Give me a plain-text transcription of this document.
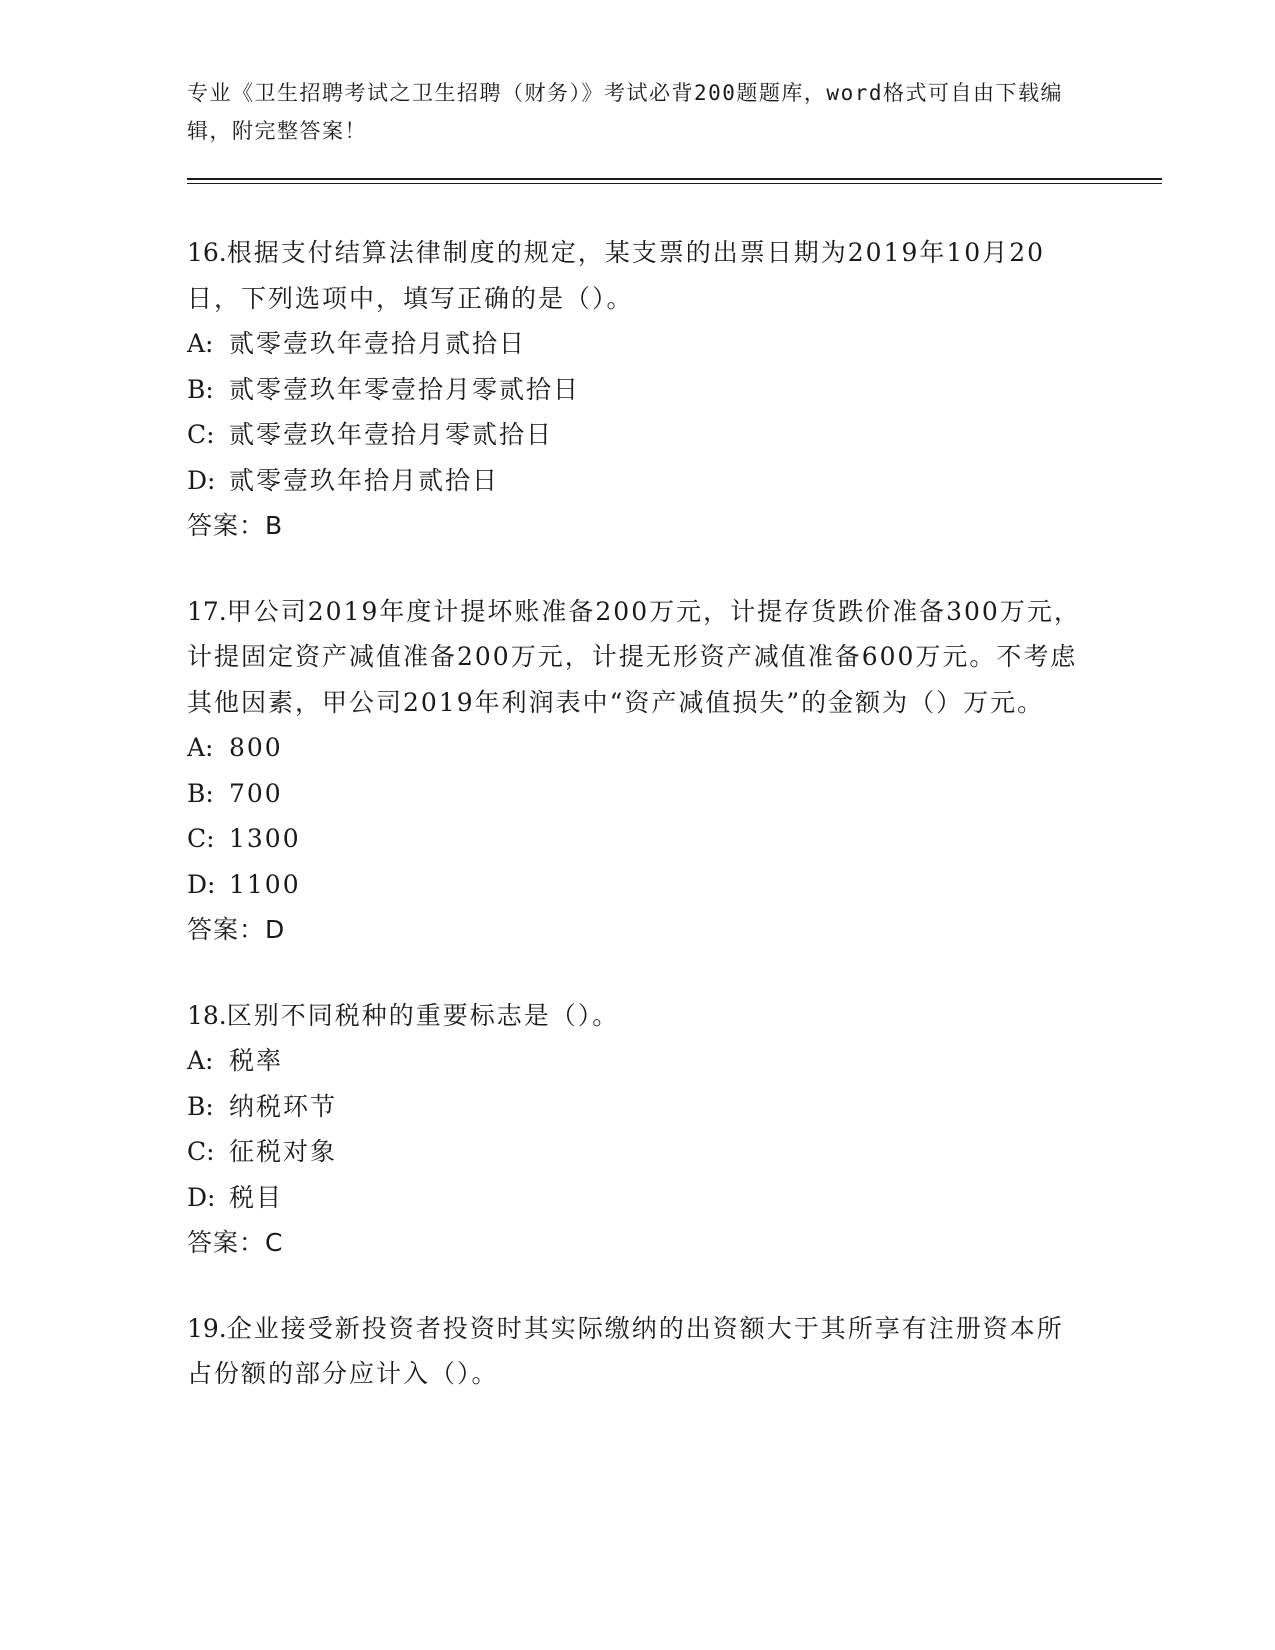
专业《卫生招聘考试之卫生招聘（财务）》考试必背200题题库，word格式可自由下载编辑，附完整答案！
16.根据支付结算法律制度的规定，某支票的出票日期为2019年10月20日，下列选项中，填写正确的是（）。
A: 贰零壹玖年壹拾月贰拾日
B: 贰零壹玖年零壹拾月零贰拾日
C: 贰零壹玖年壹拾月零贰拾日
D: 贰零壹玖年拾月贰拾日
答案：B
17.甲公司2019年度计提坏账准备200万元，计提存货跌价准备300万元，计提固定资产减值准备200万元，计提无形资产减值准备600万元。不考虑其他因素，甲公司2019年利润表中“资产减值损失”的金额为（）万元。
A: 800
B: 700
C: 1300
D: 1100
答案：D
18.区别不同税种的重要标志是（）。
A: 税率
B: 纳税环节
C: 征税对象
D: 税目
答案：C
19.企业接受新投资者投资时其实际缴纳的出资额大于其所享有注册资本所占份额的部分应计入（）。
